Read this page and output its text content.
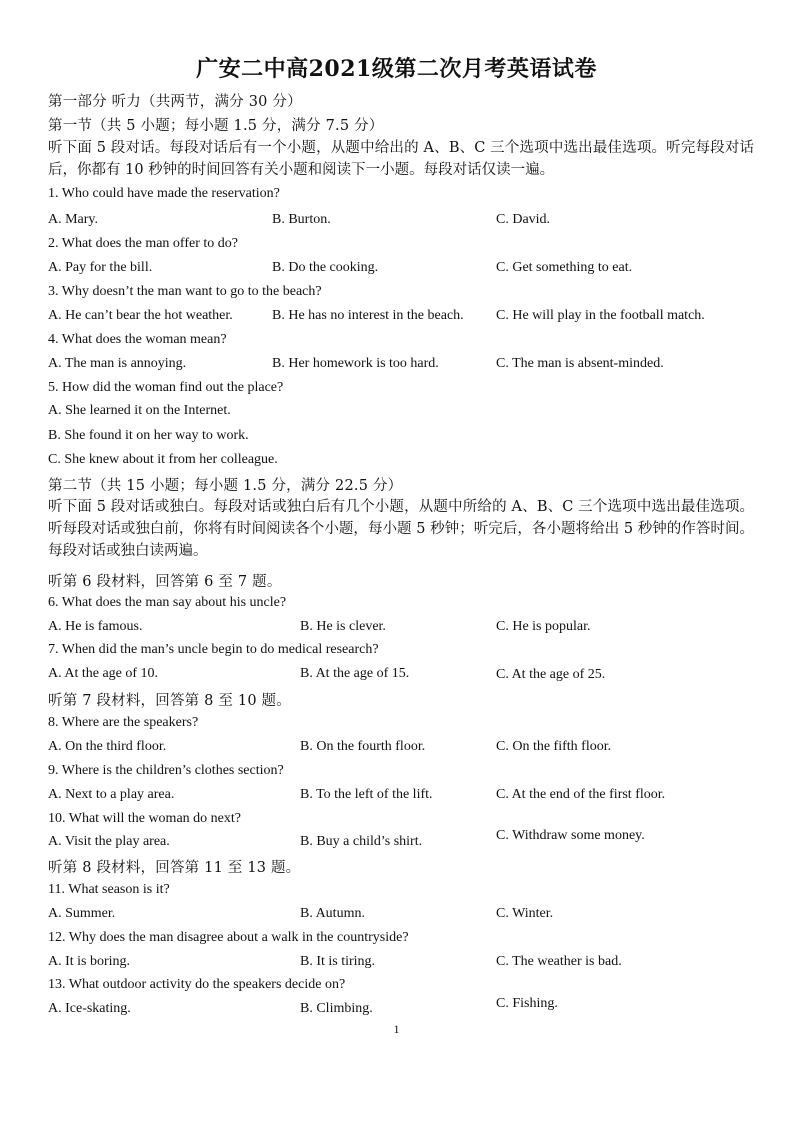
广安二中高2021级第二次月考英语试卷
第一部分 听力（共两节，满分 30 分）
第一节（共 5 小题；每小题 1.5 分，满分 7.5 分）
听下面 5 段对话。每段对话后有一个小题，从题中给出的 A、B、C 三个选项中选出最佳选项。听完每段对话后，你都有 10 秒钟的时间回答有关小题和阅读下一小题。每段对话仅读一遍。
1. Who could have made the reservation?
A. Mary.	B. Burton.	C. David.
2. What does the man offer to do?
A. Pay for the bill.	B. Do the cooking.	C. Get something to eat.
3. Why doesn’t the man want to go to the beach?
A. He can’t bear the hot weather.	B. He has no interest in the beach. C. He will play in the football match.
4. What does the woman mean?
A. The man is annoying.	B. Her homework is too hard.	C. The man is absent-minded.
5. How did the woman find out the place?
A. She learned it on the Internet.
B. She found it on her way to work.
C. She knew about it from her colleague.
第二节（共 15 小题；每小题 1.5 分，满分 22.5 分）
听下面 5 段对话或独白。每段对话或独白后有几个小题，从题中所给的 A、B、C 三个选项中选出最佳选项。听每段对话或独白前，你将有时间阅读各个小题，每小题 5 秒钟；听完后，各小题将给出 5 秒钟的作答时间。每段对话或独白读两遍。
听第 6 段材料，回答第 6 至 7 题。
6. What does the man say about his uncle?
A. He is famous.	B. He is clever.	C. He is popular.
7. When did the man’s uncle begin to do medical research?
A. At the age of 10.	B. At the age of 15.	C. At the age of 25.
听第 7 段材料，回答第 8 至 10 题。
8. Where are the speakers?
A. On the third floor.	B. On the fourth floor.	C. On the fifth floor.
9. Where is the children’s clothes section?
A. Next to a play area.	B. To the left of the lift.	C. At the end of the first floor.
10. What will the woman do next?
A. Visit the play area.	B. Buy a child’s shirt.	C. Withdraw some money.
听第 8 段材料，回答第 11 至 13 题。
11. What season is it?
A. Summer.	B. Autumn.	C. Winter.
12. Why does the man disagree about a walk in the countryside?
A. It is boring.	B. It is tiring.	C. The weather is bad.
13. What outdoor activity do the speakers decide on?
A. Ice-skating.	B. Climbing.	C. Fishing.
1
